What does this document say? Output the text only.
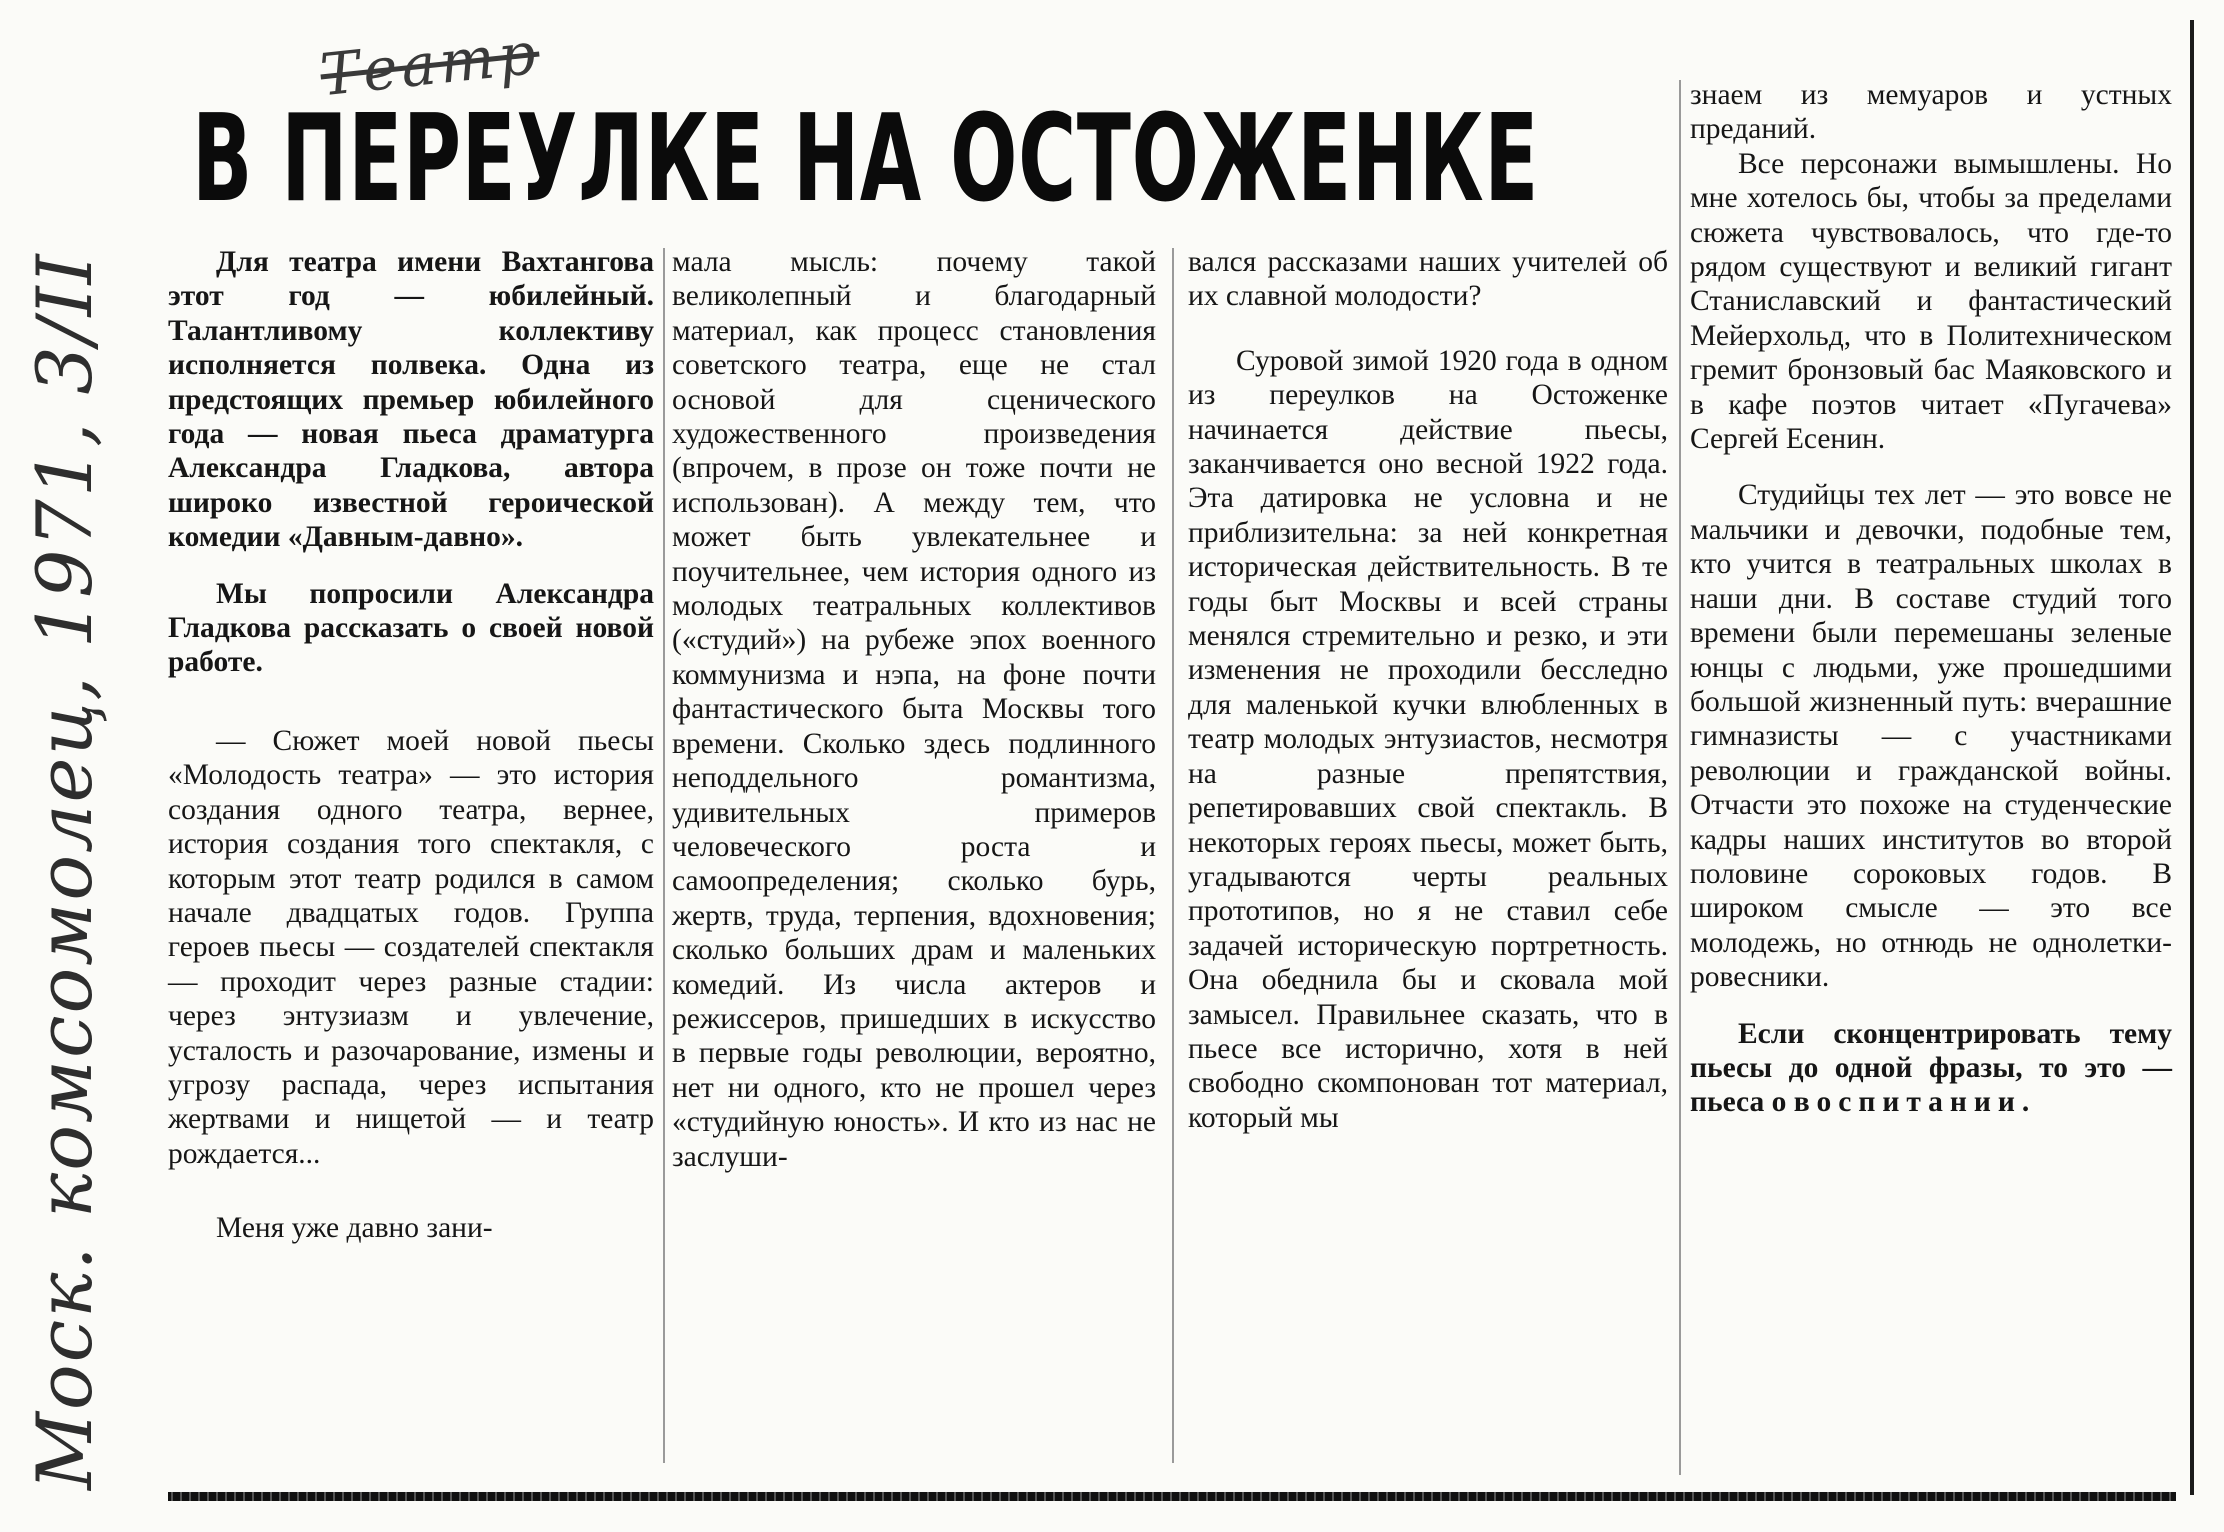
Театр
Моск. комсомолец, 1971, 3/II
В ПЕРЕУЛКЕ НА ОСТОЖЕНКЕ

Для театра имени Вахтангова этот год — юбилейный. Талантливому коллективу исполняется полвека. Одна из предстоящих премьер юбилейного года — новая пьеса драматурга Александра Гладкова, автора широко известной героической комедии «Давным-давно».

Мы попросили Александра Гладкова рассказать о своей новой работе.

— Сюжет моей новой пьесы «Молодость театра» — это история создания одного театра, вернее, история создания того спектакля, с которым этот театр родился в самом начале двадцатых годов. Группа героев пьесы — создателей спектакля — проходит через разные стадии: через энтузиазм и увлечение, усталость и разочарование, измены и угрозу распада, через испытания жертвами и нищетой — и театр рождается...

Меня уже давно зани-

мала мысль: почему такой великолепный и благодарный материал, как процесс становления советского театра, еще не стал основой для сценического художественного произведения (впрочем, в прозе он тоже почти не использован). А между тем, что может быть увлекательнее и поучительнее, чем история одного из молодых театральных коллективов («студий») на рубеже эпох военного коммунизма и нэпа, на фоне почти фантастического быта Москвы того времени. Сколько здесь подлинного неподдельного романтизма, удивительных примеров человеческого роста и самоопределения; сколько бурь, жертв, труда, терпения, вдохновения; сколько больших драм и маленьких комедий. Из числа актеров и режиссеров, пришедших в искусство в первые годы революции, вероятно, нет ни одного, кто не прошел через «студийную юность». И кто из нас не заслуши-

вался рассказами наших учителей об их славной молодости?

Суровой зимой 1920 года в одном из переулков на Остоженке начинается действие пьесы, заканчивается оно весной 1922 года. Эта датировка не условна и не приблизительна: за ней конкретная историческая действительность. В те годы быт Москвы и всей страны менялся стремительно и резко, и эти изменения не проходили бесследно для маленькой кучки влюбленных в театр молодых энтузиастов, несмотря на разные препятствия, репетировавших свой спектакль. В некоторых героях пьесы, может быть, угадываются черты реальных прототипов, но я не ставил себе задачей историческую портретность. Она обеднила бы и сковала мой замысел. Правильнее сказать, что в пьесе все исторично, хотя в ней свободно скомпонован тот материал, который мы

знаем из мемуаров и устных преданий.

Все персонажи вымышлены. Но мне хотелось бы, чтобы за пределами сюжета чувствовалось, что где-то рядом существуют и великий гигант Станиславский и фантастический Мейерхольд, что в Политехническом гремит бронзовый бас Маяковского и в кафе поэтов читает «Пугачева» Сергей Есенин.

Студийцы тех лет — это вовсе не мальчики и девочки, подобные тем, кто учится в театральных школах в наши дни. В составе студий того времени были перемешаны зеленые юнцы с людьми, уже прошедшими большой жизненный путь: вчерашние гимназисты — с участниками революции и гражданской войны. Отчасти это похоже на студенческие кадры наших институтов во второй половине сороковых годов. В широком смысле — это все молодежь, но отнюдь не однолетки-ровесники.

Если сконцентрировать тему пьесы до одной фразы, то это — пьеса о воспитании.
